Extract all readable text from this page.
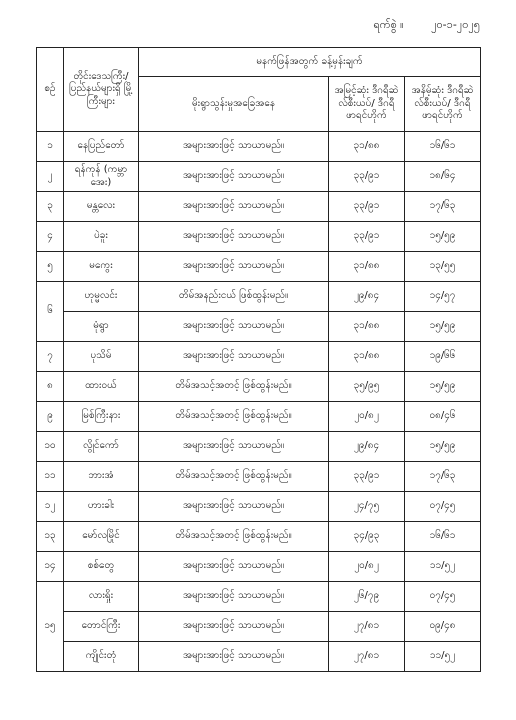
ရက်စွဲ ။	၂၀-၁-၂၀၂၅
စဉ်	တိုင်းဒေသကြီး/ ပြည်နယ်များရှိ မြို့ကြီးများ	မနက်ဖြန်အတွက် ခန့်မှန်းချက်		
		မိုးရွာသွန်းမှုအခြေအနေ	အမြင့်ဆုံး ဒီဂရီဆဲလ်စီးယပ်/ ဒီဂရီဖာရင်ဟိုက်	အနိမ့်ဆုံး ဒီဂရီဆဲလ်စီးယပ်/ ဒီဂရီဖာရင်ဟိုက်
၁	နေပြည်တော်	အများအားဖြင့် သာယာမည်။	၃၁/၈၈	၁၆/၆၁
၂	ရန်ကုန် (ကမ္ဘာအေး)	အများအားဖြင့် သာယာမည်။	၃၃/၉၁	၁၈/၆၄
၃	မန္တလေး	အများအားဖြင့် သာယာမည်။	၃၃/၉၁	၁၇/၆၃
၄	ပဲခူး	အများအားဖြင့် သာယာမည်။	၃၃/၉၁	၁၅/၅၉
၅	မကွေး	အများအားဖြင့် သာယာမည်။	၃၁/၈၈	၁၃/၅၅
၆	ဟုမ္မလင်း	တိမ်အနည်းငယ် ဖြစ်ထွန်းမည်။	၂၉/၈၄	၁၄/၅၇
	မုံရွာ	အများအားဖြင့် သာယာမည်။	၃၁/၈၈	၁၅/၅၉
၇	ပုသိမ်	အများအားဖြင့် သာယာမည်။	၃၁/၈၈	၁၉/၆၆
၈	ထားဝယ်	တိမ်အသင့်အတင့် ဖြစ်ထွန်းမည်။	၃၅/၉၅	၁၅/၅၉
၉	မြစ်ကြီးနား	တိမ်အသင့်အတင့် ဖြစ်ထွန်းမည်။	၂၀/၈၂	၀၈/၄၆
၁၀	လွိုင်ကော်	အများအားဖြင့် သာယာမည်။	၂၉/၈၄	၁၅/၅၉
၁၁	ဘားအံ	တိမ်အသင့်အတင့် ဖြစ်ထွန်းမည်။	၃၃/၉၁	၁၇/၆၃
၁၂	ဟားခါး	အများအားဖြင့် သာယာမည်။	၂၄/၇၅	၀၇/၄၅
၁၃	မော်လမြိုင်	တိမ်အသင့်အတင့် ဖြစ်ထွန်းမည်။	၃၄/၉၃	၁၆/၆၁
၁၄	စစ်တွေ	အများအားဖြင့် သာယာမည်။	၂၀/၈၂	၁၁/၅၂
၁၅	လားရှိုး	အများအားဖြင့် သာယာမည်။	၂၆/၇၉	၀၇/၄၅
	တောင်ကြီး	အများအားဖြင့် သာယာမည်။	၂၇/၈၁	၀၉/၄၈
	ကျိုင်းတုံ	အများအားဖြင့် သာယာမည်။	၂၇/၈၁	၁၁/၅၂
